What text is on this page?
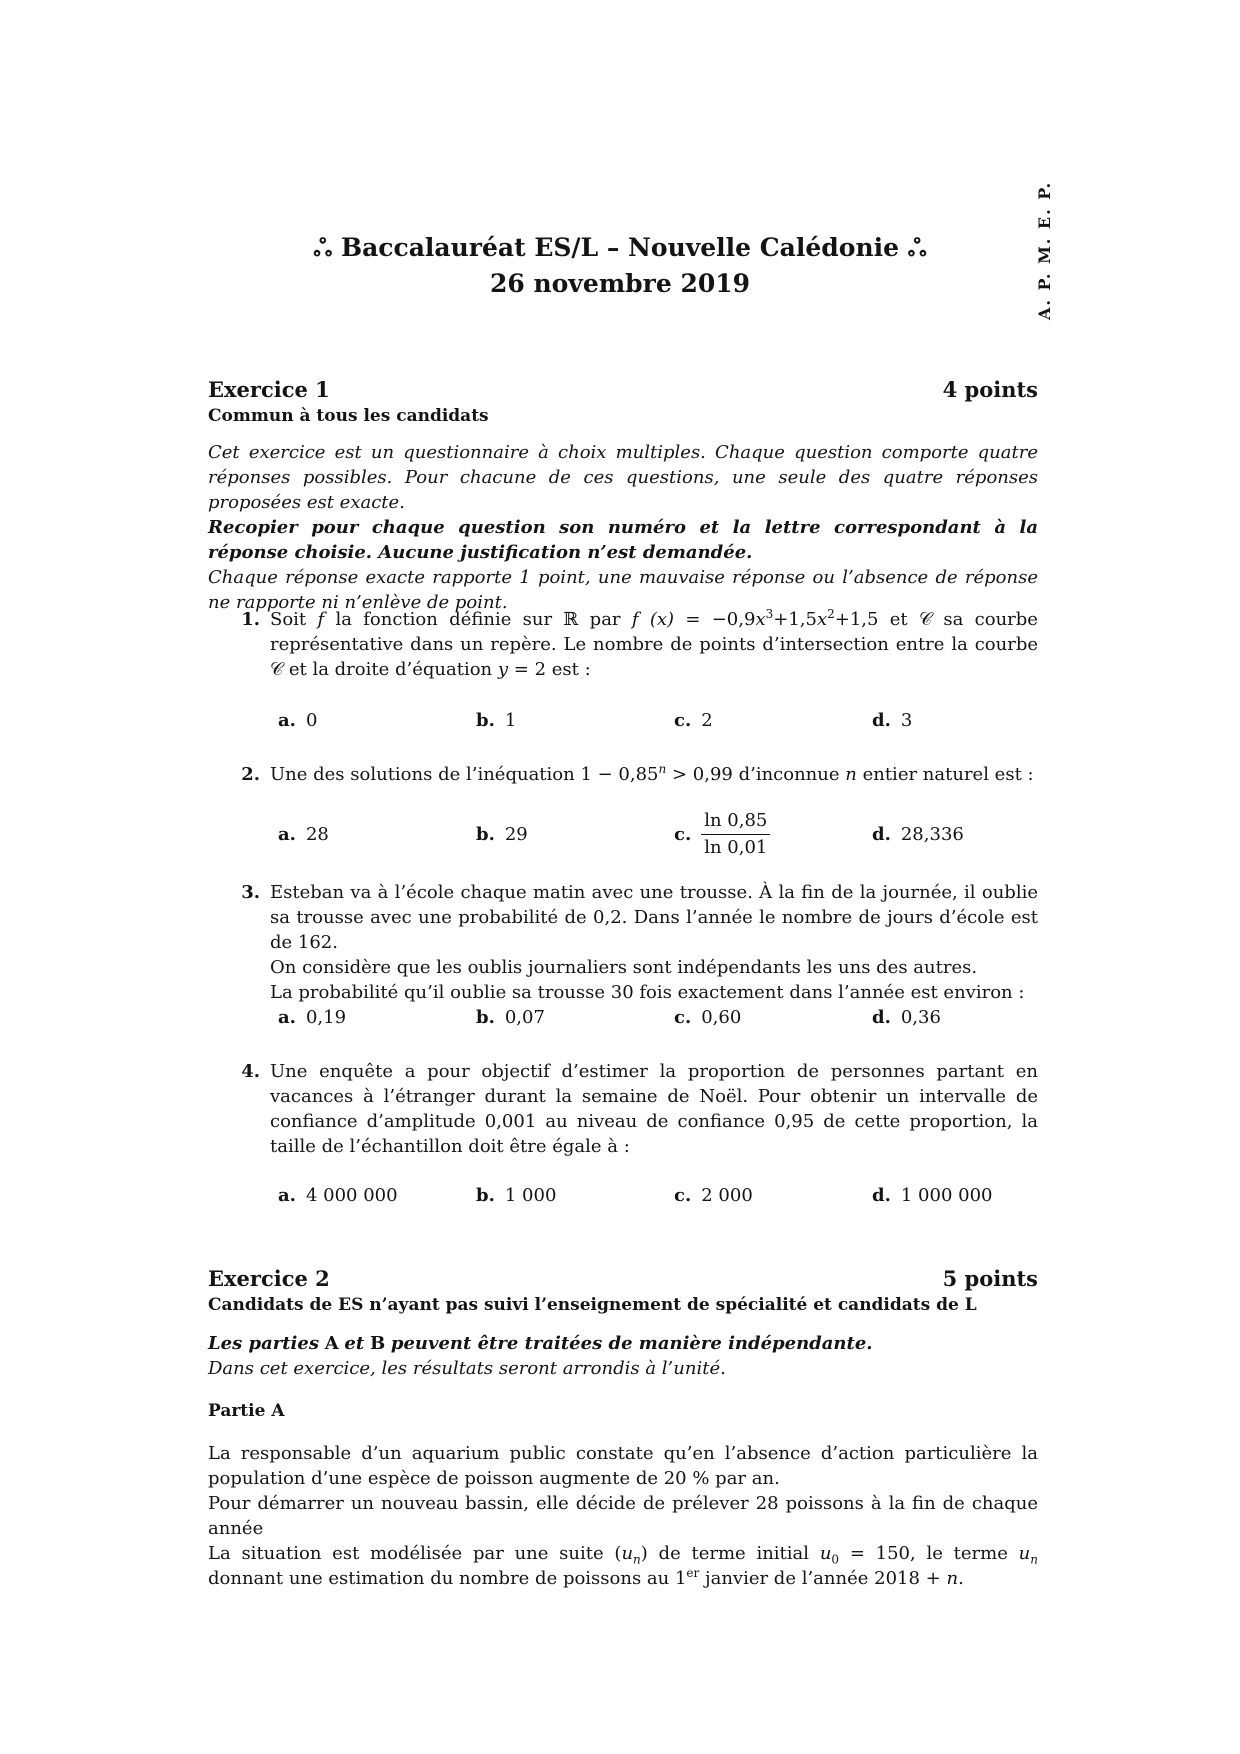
A. P. M. E. P.
ஃ Baccalauréat ES/L – Nouvelle Calédonie ஃ
26 novembre 2019
Exercice 1	4 points
Commun à tous les candidats

Cet exercice est un questionnaire à choix multiples. Chaque question comporte quatre réponses possibles. Pour chacune de ces questions, une seule des quatre réponses proposées est exacte.

Recopier pour chaque question son numéro et la lettre correspondant à la réponse choisie. Aucune justification n’est demandée.

Chaque réponse exacte rapporte 1 point, une mauvaise réponse ou l’absence de réponse ne rapporte ni n’enlève de point.

1. Soit f la fonction définie sur ℝ par f $(x) = -0,9x^3+1,5x^2+1,5$ et 𝒞 sa courbe représentative dans un repère. Le nombre de points d’intersection entre la courbe 𝒞 et la droite d’équation y = 2 est :
a. 0	b. 1	c. 2	d. 3
2. Une des solutions de l’inéquation $1 - 0,85^n > 0,99$ d’inconnue n entier naturel est :
a. 28	b. 29	c. $\frac{\ln 0,85}{\ln 0,01}$	d. 28,336
3. Esteban va à l’école chaque matin avec une trousse. À la fin de la journée, il oublie sa trousse avec une probabilité de 0,2. Dans l’année le nombre de jours d’école est de 162.
On considère que les oublis journaliers sont indépendants les uns des autres.
La probabilité qu’il oublie sa trousse 30 fois exactement dans l’année est environ :
a. 0,19	b. 0,07	c. 0,60	d. 0,36
4. Une enquête a pour objectif d’estimer la proportion de personnes partant en vacances à l’étranger durant la semaine de Noël. Pour obtenir un intervalle de confiance d’amplitude 0,001 au niveau de confiance 0,95 de cette proportion, la taille de l’échantillon doit être égale à :
a. 4 000 000	b. 1 000	c. 2 000	d. 1 000 000
Exercice 2	5 points
Candidats de ES n’ayant pas suivi l’enseignement de spécialité et candidats de L

Les parties A et B peuvent être traitées de manière indépendante.

Dans cet exercice, les résultats seront arrondis à l’unité.

Partie A

La responsable d’un aquarium public constate qu’en l’absence d’action particulière la population d’une espèce de poisson augmente de 20 % par an.

Pour démarrer un nouveau bassin, elle décide de prélever 28 poissons à la fin de chaque année

La situation est modélisée par une suite $(u_n)$ de terme initial $u_0 = 150$, le terme $u_n$ donnant une estimation du nombre de poissons au 1er janvier de l’année 2018 + n.
